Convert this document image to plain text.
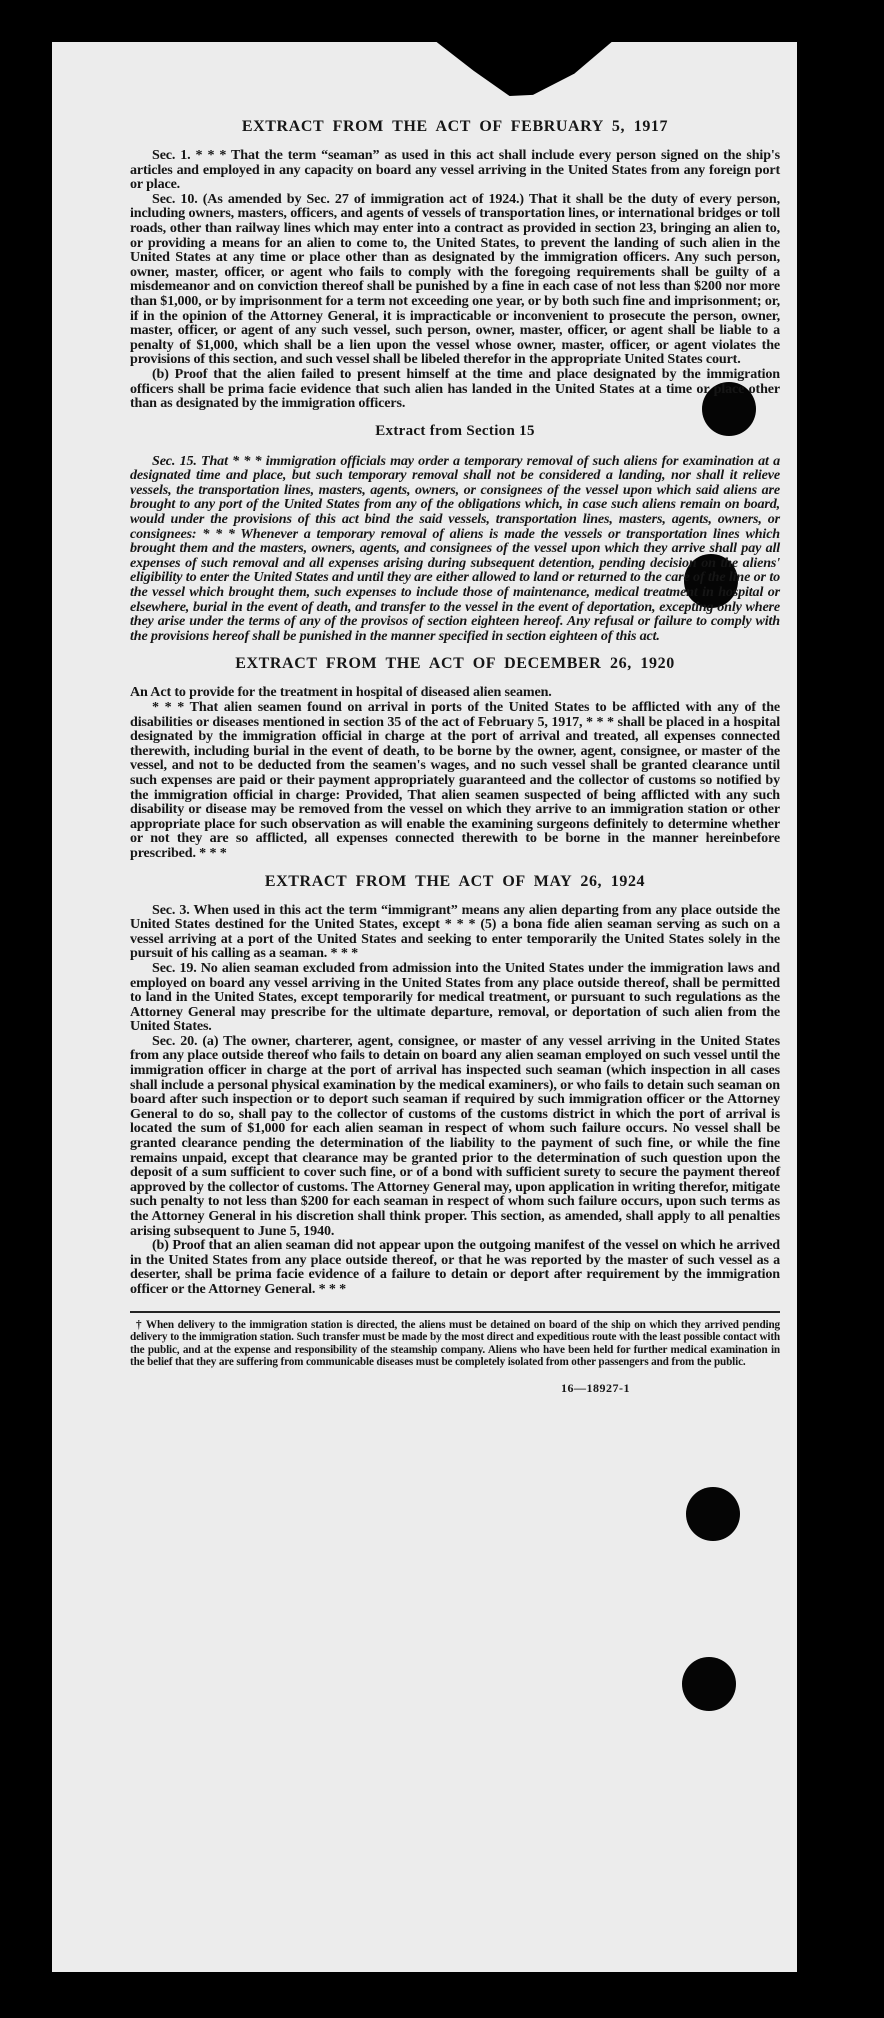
EXTRACT FROM THE ACT OF FEBRUARY 5, 1917

Sec. 1. * * * That the term “seaman” as used in this act shall include every person signed on the ship's articles and employed in any capacity on board any vessel arriving in the United States from any foreign port or place.

Sec. 10. (As amended by Sec. 27 of immigration act of 1924.) That it shall be the duty of every person, including owners, masters, officers, and agents of vessels of transportation lines, or international bridges or toll roads, other than railway lines which may enter into a contract as provided in section 23, bringing an alien to, or providing a means for an alien to come to, the United States, to prevent the landing of such alien in the United States at any time or place other than as designated by the immigration officers. Any such person, owner, master, officer, or agent who fails to comply with the foregoing requirements shall be guilty of a misdemeanor and on conviction thereof shall be punished by a fine in each case of not less than $200 nor more than $1,000, or by imprisonment for a term not exceeding one year, or by both such fine and imprisonment; or, if in the opinion of the Attorney General, it is impracticable or inconvenient to prosecute the person, owner, master, officer, or agent of any such vessel, such person, owner, master, officer, or agent shall be liable to a penalty of $1,000, which shall be a lien upon the vessel whose owner, master, officer, or agent violates the provisions of this section, and such vessel shall be libeled therefor in the appropriate United States court.

(b) Proof that the alien failed to present himself at the time and place designated by the immigration officers shall be prima facie evidence that such alien has landed in the United States at a time or place other than as designated by the immigration officers.

Extract from Section 15

Sec. 15. That * * * immigration officials may order a temporary removal of such aliens for examination at a designated time and place, but such temporary removal shall not be considered a landing, nor shall it relieve vessels, the transportation lines, masters, agents, owners, or consignees of the vessel upon which said aliens are brought to any port of the United States from any of the obligations which, in case such aliens remain on board, would under the provisions of this act bind the said vessels, transportation lines, masters, agents, owners, or consignees: * * * Whenever a temporary removal of aliens is made the vessels or transportation lines which brought them and the masters, owners, agents, and consignees of the vessel upon which they arrive shall pay all expenses of such removal and all expenses arising during subsequent detention, pending decision on the aliens' eligibility to enter the United States and until they are either allowed to land or returned to the care of the line or to the vessel which brought them, such expenses to include those of maintenance, medical treatment in hospital or elsewhere, burial in the event of death, and transfer to the vessel in the event of deportation, excepting only where they arise under the terms of any of the provisos of section eighteen hereof. Any refusal or failure to comply with the provisions hereof shall be punished in the manner specified in section eighteen of this act.

EXTRACT FROM THE ACT OF DECEMBER 26, 1920

An Act to provide for the treatment in hospital of diseased alien seamen.

* * * That alien seamen found on arrival in ports of the United States to be afflicted with any of the disabilities or diseases mentioned in section 35 of the act of February 5, 1917, * * * shall be placed in a hospital designated by the immigration official in charge at the port of arrival and treated, all expenses connected therewith, including burial in the event of death, to be borne by the owner, agent, consignee, or master of the vessel, and not to be deducted from the seamen's wages, and no such vessel shall be granted clearance until such expenses are paid or their payment appropriately guaranteed and the collector of customs so notified by the immigration official in charge: Provided, That alien seamen suspected of being afflicted with any such disability or disease may be removed from the vessel on which they arrive to an immigration station or other appropriate place for such observation as will enable the examining surgeons definitely to determine whether or not they are so afflicted, all expenses connected therewith to be borne in the manner hereinbefore prescribed. * * *

EXTRACT FROM THE ACT OF MAY 26, 1924

Sec. 3. When used in this act the term “immigrant” means any alien departing from any place outside the United States destined for the United States, except * * * (5) a bona fide alien seaman serving as such on a vessel arriving at a port of the United States and seeking to enter temporarily the United States solely in the pursuit of his calling as a seaman. * * *

Sec. 19. No alien seaman excluded from admission into the United States under the immigration laws and employed on board any vessel arriving in the United States from any place outside thereof, shall be permitted to land in the United States, except temporarily for medical treatment, or pursuant to such regulations as the Attorney General may prescribe for the ultimate departure, removal, or deportation of such alien from the United States.

Sec. 20. (a) The owner, charterer, agent, consignee, or master of any vessel arriving in the United States from any place outside thereof who fails to detain on board any alien seaman employed on such vessel until the immigration officer in charge at the port of arrival has inspected such seaman (which inspection in all cases shall include a personal physical examination by the medical examiners), or who fails to detain such seaman on board after such inspection or to deport such seaman if required by such immigration officer or the Attorney General to do so, shall pay to the collector of customs of the customs district in which the port of arrival is located the sum of $1,000 for each alien seaman in respect of whom such failure occurs. No vessel shall be granted clearance pending the determination of the liability to the payment of such fine, or while the fine remains unpaid, except that clearance may be granted prior to the determination of such question upon the deposit of a sum sufficient to cover such fine, or of a bond with sufficient surety to secure the payment thereof approved by the collector of customs. The Attorney General may, upon application in writing therefor, mitigate such penalty to not less than $200 for each seaman in respect of whom such failure occurs, upon such terms as the Attorney General in his discretion shall think proper. This section, as amended, shall apply to all penalties arising subsequent to June 5, 1940.

(b) Proof that an alien seaman did not appear upon the outgoing manifest of the vessel on which he arrived in the United States from any place outside thereof, or that he was reported by the master of such vessel as a deserter, shall be prima facie evidence of a failure to detain or deport after requirement by the immigration officer or the Attorney General. * * *

† When delivery to the immigration station is directed, the aliens must be detained on board of the ship on which they arrived pending delivery to the immigration station. Such transfer must be made by the most direct and expeditious route with the least possible contact with the public, and at the expense and responsibility of the steamship company. Aliens who have been held for further medical examination in the belief that they are suffering from communicable diseases must be completely isolated from other passengers and from the public.

16—18927-1
